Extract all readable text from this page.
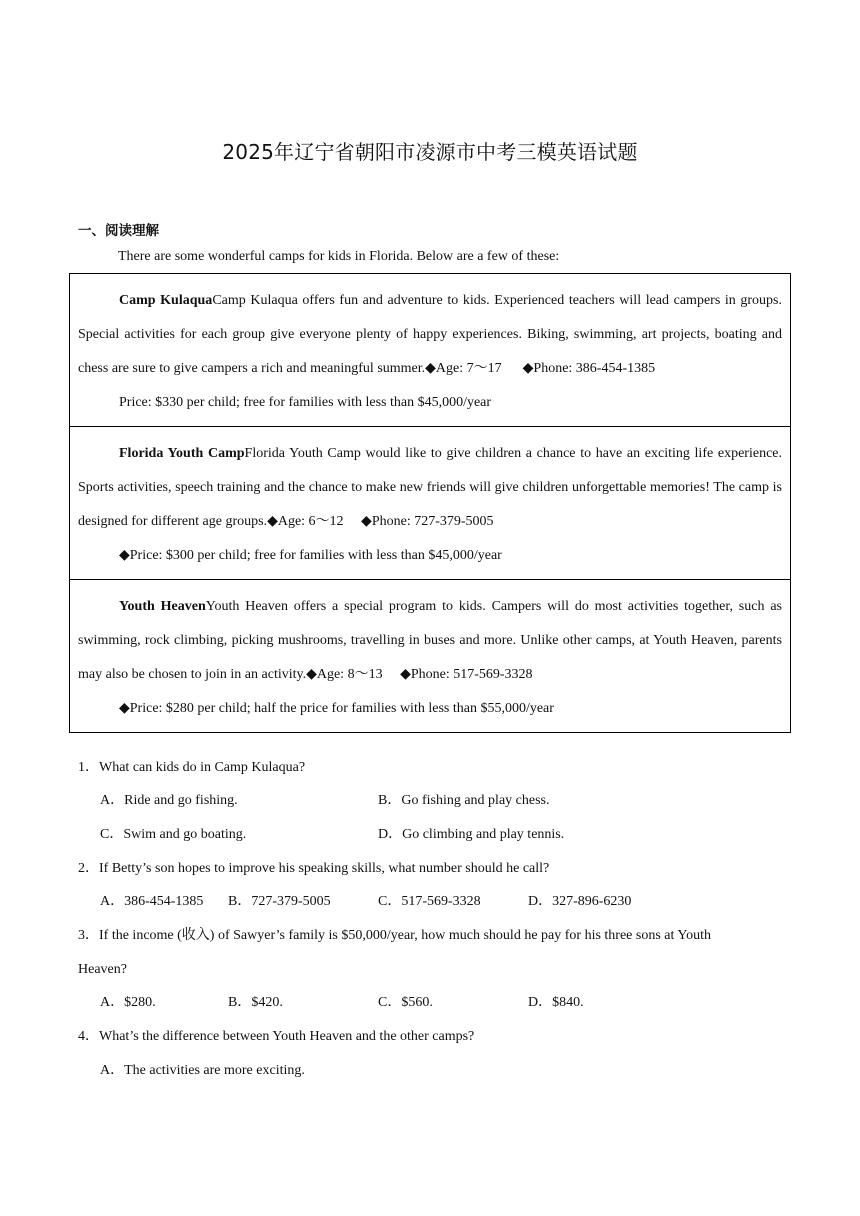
2025年辽宁省朝阳市凌源市中考三模英语试题
一、阅读理解
There are some wonderful camps for kids in Florida. Below are a few of these:

Camp KulaquaCamp Kulaqua offers fun and adventure to kids. Experienced teachers will lead campers in groups. Special activities for each group give everyone plenty of happy experiences. Biking, swimming, art projects, boating and chess are sure to give campers a rich and meaningful summer.◆Age: 7～17      ◆Phone: 386-454-1385

Price: $330 per child; free for families with less than $45,000/year

Florida Youth CampFlorida Youth Camp would like to give children a chance to have an exciting life experience. Sports activities, speech training and the chance to make new friends will give children unforgettable memories! The camp is designed for different age groups.◆Age: 6～12     ◆Phone: 727-379-5005

◆Price: $300 per child; free for families with less than $45,000/year

Youth HeavenYouth Heaven offers a special program to kids. Campers will do most activities together, such as swimming, rock climbing, picking mushrooms, travelling in buses and more. Unlike other camps, at Youth Heaven, parents may also be chosen to join in an activity.◆Age: 8～13     ◆Phone: 517-569-3328

◆Price: $280 per child; half the price for families with less than $55,000/year

1．What can kids do in Camp Kulaqua?
A．Ride and go fishing.	B．Go fishing and play chess.
C．Swim and go boating.	D．Go climbing and play tennis.
2．If Betty’s son hopes to improve his speaking skills, what number should he call?
A．386-454-1385 B．727-379-5005	C．517-569-3328	D．327-896-6230
3．If the income (收入) of Sawyer’s family is $50,000/year, how much should he pay for his three sons at Youth
Heaven?
A．$280.	B．$420.	C．$560.	D．$840.
4．What’s the difference between Youth Heaven and the other camps?
A．The activities are more exciting.
